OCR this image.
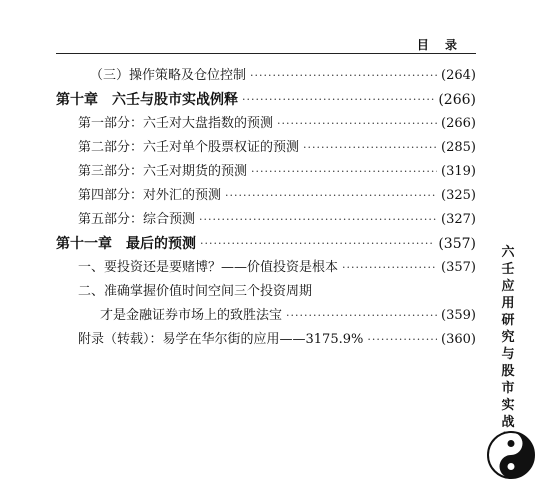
目 录
（三）操作策略及仓位控制 ·····	(264)
第十章　六壬与股市实战例释 ·····	(266)
第一部分：六壬对大盘指数的预测 ·····	(266)
第二部分：六壬对单个股票权证的预测 ·····	(285)
第三部分：六壬对期货的预测 ·····	(319)
第四部分：对外汇的预测 ·····	(325)
第五部分：综合预测 ·····	(327)
第十一章　最后的预测 ·····	(357)
一、要投资还是要赌博？——价值投资是根本 ·····	(357)
二、准确掌握价值时间空间三个投资周期
才是金融证券市场上的致胜法宝 ·····	(359)
附录（转载）：易学在华尔街的应用——3175.9% ·····	(360)
六
壬
应
用
研
究
与
股
市
实
战
